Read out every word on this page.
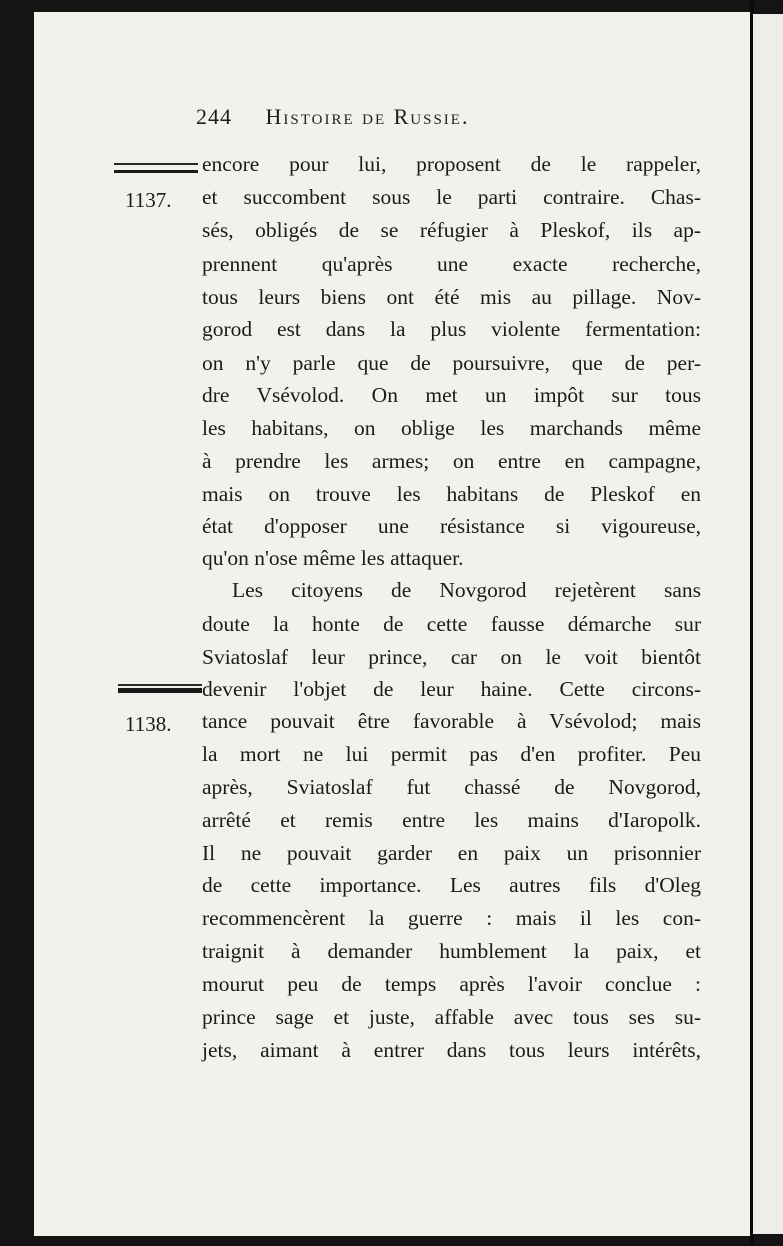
244 Histoire de Russie.
1137.
1138.
encore pour lui, proposent de le rappeler,
et succombent sous le parti contraire. Chas-
sés, obligés de se réfugier à Pleskof, ils ap-
prennent qu'après une exacte recherche,
tous leurs biens ont été mis au pillage. Nov-
gorod est dans la plus violente fermentation:
on n'y parle que de poursuivre, que de per-
dre Vsévolod. On met un impôt sur tous
les habitans, on oblige les marchands même
à prendre les armes; on entre en campagne,
mais on trouve les habitans de Pleskof en
état d'opposer une résistance si vigoureuse,
qu'on n'ose même les attaquer.
Les citoyens de Novgorod rejetèrent sans
doute la honte de cette fausse démarche sur
Sviatoslaf leur prince, car on le voit bientôt
devenir l'objet de leur haine. Cette circons-
tance pouvait être favorable à Vsévolod; mais
la mort ne lui permit pas d'en profiter. Peu
après, Sviatoslaf fut chassé de Novgorod,
arrêté et remis entre les mains d'Iaropolk.
Il ne pouvait garder en paix un prisonnier
de cette importance. Les autres fils d'Oleg
recommencèrent la guerre : mais il les con-
traignit à demander humblement la paix, et
mourut peu de temps après l'avoir conclue :
prince sage et juste, affable avec tous ses su-
jets, aimant à entrer dans tous leurs intérêts,
